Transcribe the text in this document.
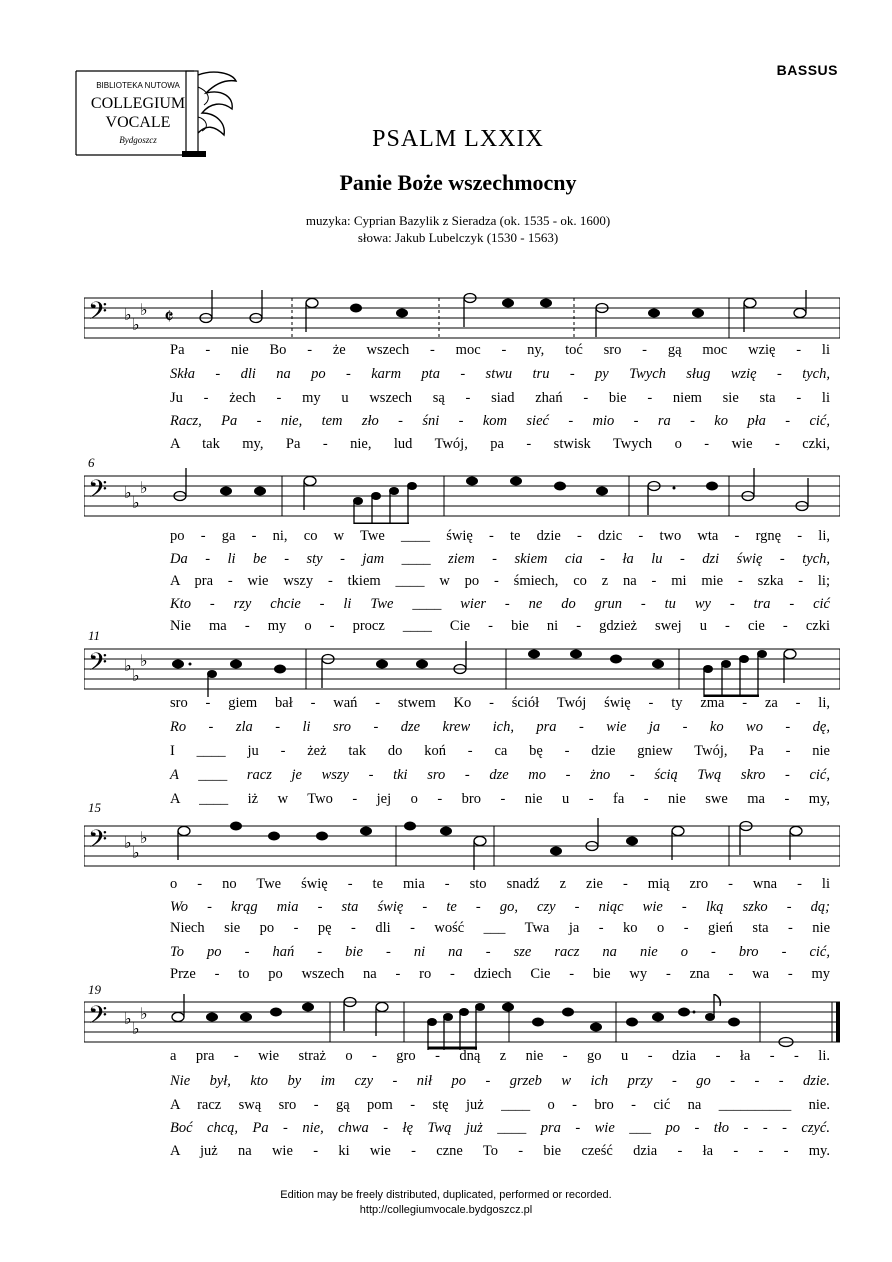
BIBLIOTEKA NUTOWA
COLLEGIUM
VOCALE
Bydgoszcz
BASSUS
PSALM LXXIX
Panie Boże wszechmocny
muzyka: Cyprian Bazylik z Sieradza (ok. 1535 - ok. 1600)
słowa: Jakub Lubelczyk (1530 - 1563)
𝄢 ♭
♭
♭ 𝄵
Pa - nie Bo - że wszech - moc - ny, toć sro - gą moc wzię - li
Skła - dli na po - karm pta - stwu tru - py Twych sług wzię - tych,
Ju - żech - my u wszech są - siad zhań - bie - niem sie sta - li
Racz, Pa - nie, tem zło - śni - kom sieć - mio - ra - ko pła - cić,
A tak my, Pa - nie, lud Twój, pa - stwisk Twych o - wie - czki,
6
𝄢 ♭
♭
♭
po - ga - ni, co w Twe ____ świę - te dzie - dzic - two wta - rgnę - li,
Da - li be - sty - jam ____ ziem - skiem cia - ła lu - dzi świę - tych,
A pra - wie wszy - tkiem ____ w po - śmiech, co z na - mi mie - szka - li;
Kto - rzy chcie - li Twe ____ wier - ne do grun - tu wy - tra - cić
Nie ma - my o - procz ____ Cie - bie ni - gdzież swej u - cie - czki
11
𝄢 ♭
♭
♭
sro - giem bał - wań - stwem Ko - ściół Twój świę - ty zma - za - li,
Ro - zla - li sro - dze krew ich, pra - wie ja - ko wo - dę,
I ____ ju - żeż tak do koń - ca bę - dzie gniew Twój, Pa - nie
A ____ racz je wszy - tki sro - dze mo - żno - ścią Twą skro - cić,
A ____ iż w Two - jej o - bro - nie u - fa - nie swe ma - my,
15
𝄢 ♭
♭
♭
o - no Twe świę - te mia - sto snadź z zie - mią zro - wna - li
Wo - krąg mia - sta świę - te - go, czy - niąc wie - lką szko - dą;
Niech sie po - pę - dli - wość ___ Twa ja - ko o - gień sta - nie
To po - hań - bie - ni na - sze racz na nie o - bro - cić,
Prze - to po wszech na - ro - dziech Cie - bie wy - zna - wa - my
19
𝄢 ♭
♭
♭
a pra - wie straż o - gro - dną z nie - go u - dzia - ła - - li.
Nie był, kto by im czy - nił po - grzeb w ich przy - go - - - dzie.
A racz swą sro - gą pom - stę już ____ o - bro - cić na __________ nie.
Boć chcą, Pa - nie, chwa - łę Twą już ____ pra - wie ___ po - tło - - - czyć.
A już na wie - ki wie - czne To - bie cześć dzia - ła - - - my.
Edition may be freely distributed, duplicated, performed or recorded.
http://collegiumvocale.bydgoszcz.pl
